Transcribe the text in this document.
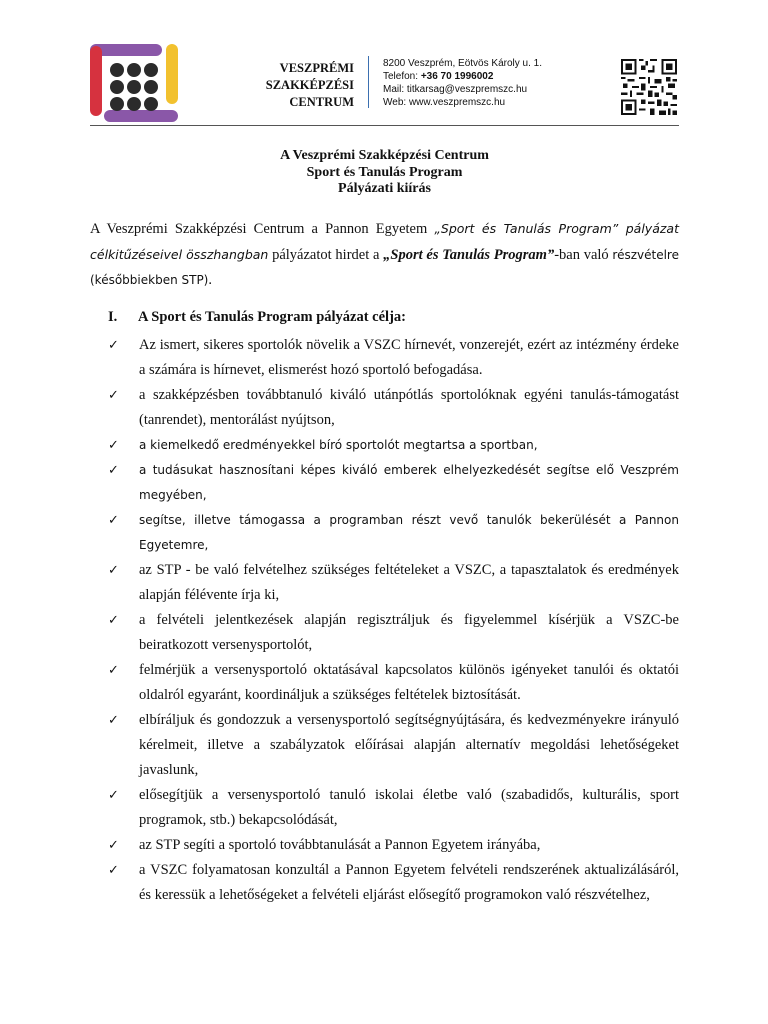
VESZPRÉMI
SZAKKÉPZÉSI
CENTRUM
8200 Veszprém, Eötvös Károly u. 1.
Telefon: +36 70 1996002
Mail: titkarsag@veszpremszc.hu
Web: www.veszpremszc.hu
A Veszprémi Szakképzési Centrum
Sport és Tanulás Program
Pályázati kiírás
A Veszprémi Szakképzési Centrum a Pannon Egyetem „Sport és Tanulás Program” pályázat célkitűzéseivel összhangban pályázatot hirdet a „Sport és Tanulás Program”-ban való részvételre (későbbiekben STP).
I. A Sport és Tanulás Program pályázat célja:
✓ Az ismert, sikeres sportolók növelik a VSZC hírnevét, vonzerejét, ezért az intézmény érdeke a számára is hírnevet, elismerést hozó sportoló befogadása.
✓ a szakképzésben továbbtanuló kiváló utánpótlás sportolóknak egyéni tanulás-támogatást (tanrendet), mentorálást nyújtson,
✓ a kiemelkedő eredményekkel bíró sportolót megtartsa a sportban,
✓ a tudásukat hasznosítani képes kiváló emberek elhelyezkedését segítse elő Veszprém megyében,
✓ segítse, illetve támogassa a programban részt vevő tanulók bekerülését a Pannon Egyetemre,
✓ az STP - be való felvételhez szükséges feltételeket a VSZC, a tapasztalatok és eredmények alapján félévente írja ki,
✓ a felvételi jelentkezések alapján regisztráljuk és figyelemmel kísérjük a VSZC-be beiratkozott versenysportolót,
✓ felmérjük a versenysportoló oktatásával kapcsolatos különös igényeket tanulói és oktatói oldalról egyaránt, koordináljuk a szükséges feltételek biztosítását.
✓ elbíráljuk és gondozzuk a versenysportoló segítségnyújtására, és kedvezményekre irányuló kérelmeit, illetve a szabályzatok előírásai alapján alternatív megoldási lehetőségeket javaslunk,
✓ elősegítjük a versenysportoló tanuló iskolai életbe való (szabadidős, kulturális, sport programok, stb.) bekapcsolódását,
✓ az STP segíti a sportoló továbbtanulását a Pannon Egyetem irányába,
✓ a VSZC folyamatosan konzultál a Pannon Egyetem felvételi rendszerének aktualizálásáról, és keressük a lehetőségeket a felvételi eljárást elősegítő programokon való részvételhez,
